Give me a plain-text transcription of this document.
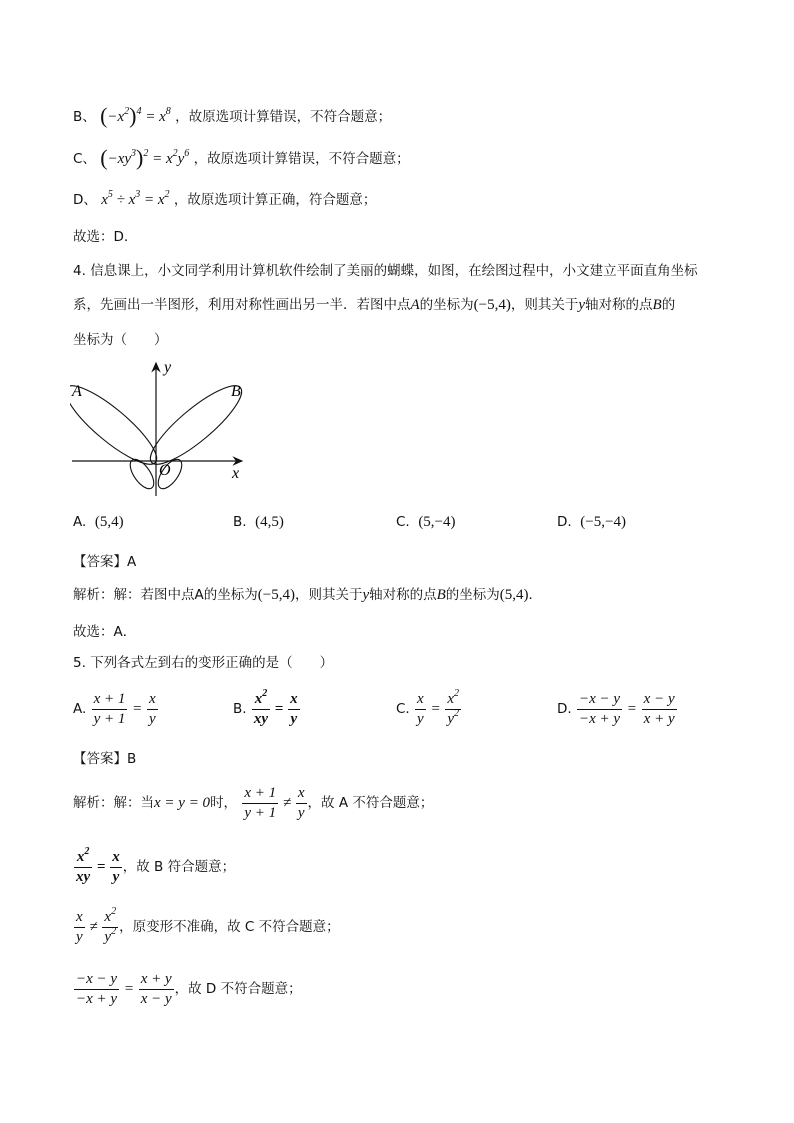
B、 $(-x^2)^4 = x^8$ ，故原选项计算错误，不符合题意；
C、 $(-xy^3)^2 = x^2y^6$ ，故原选项计算错误，不符合题意；
D、 $x^5 \div x^3 = x^2$ ，故原选项计算正确，符合题意；
故选：D．
4. 信息课上，小文同学利用计算机软件绘制了美丽的蝴蝶，如图，在绘图过程中，小文建立平面直角坐标
系，先画出一半图形，利用对称性画出另一半．若图中点A的坐标为(−5,4)，则其关于y轴对称的点B的
坐标为（　　）
y
x
O
A	B
A. (5,4)	B. (4,5)	C. (5,−4)	D. (−5,−4)
【答案】A
解析：解：若图中点A的坐标为(−5,4)，则其关于y轴对称的点B的坐标为(5,4)．
故选：A．
5. 下列各式左到右的变形正确的是（　　）
A. $\frac{x + 1}{y + 1} = \frac{x}{y}$	B. $\frac{x^2}{xy} = \frac{x}{y}$	C. $\frac{x}{y} = \frac{x^2}{y^2}$	D. $\frac{-x - y}{-x + y} = \frac{x - y}{x + y}$
【答案】B
解析：解：当x = y = 0时， $\frac{x + 1}{y + 1} \ne \frac{x}{y}$ ，故 A 不符合题意；
$\frac{x^2}{xy} = \frac{x}{y}$ ，故 B 符合题意；
$\frac{x}{y} \ne \frac{x^2}{y^2}$ ，原变形不准确，故 C 不符合题意；
$\frac{-x - y}{-x + y} = \frac{x + y}{x - y}$ ，故 D 不符合题意；
